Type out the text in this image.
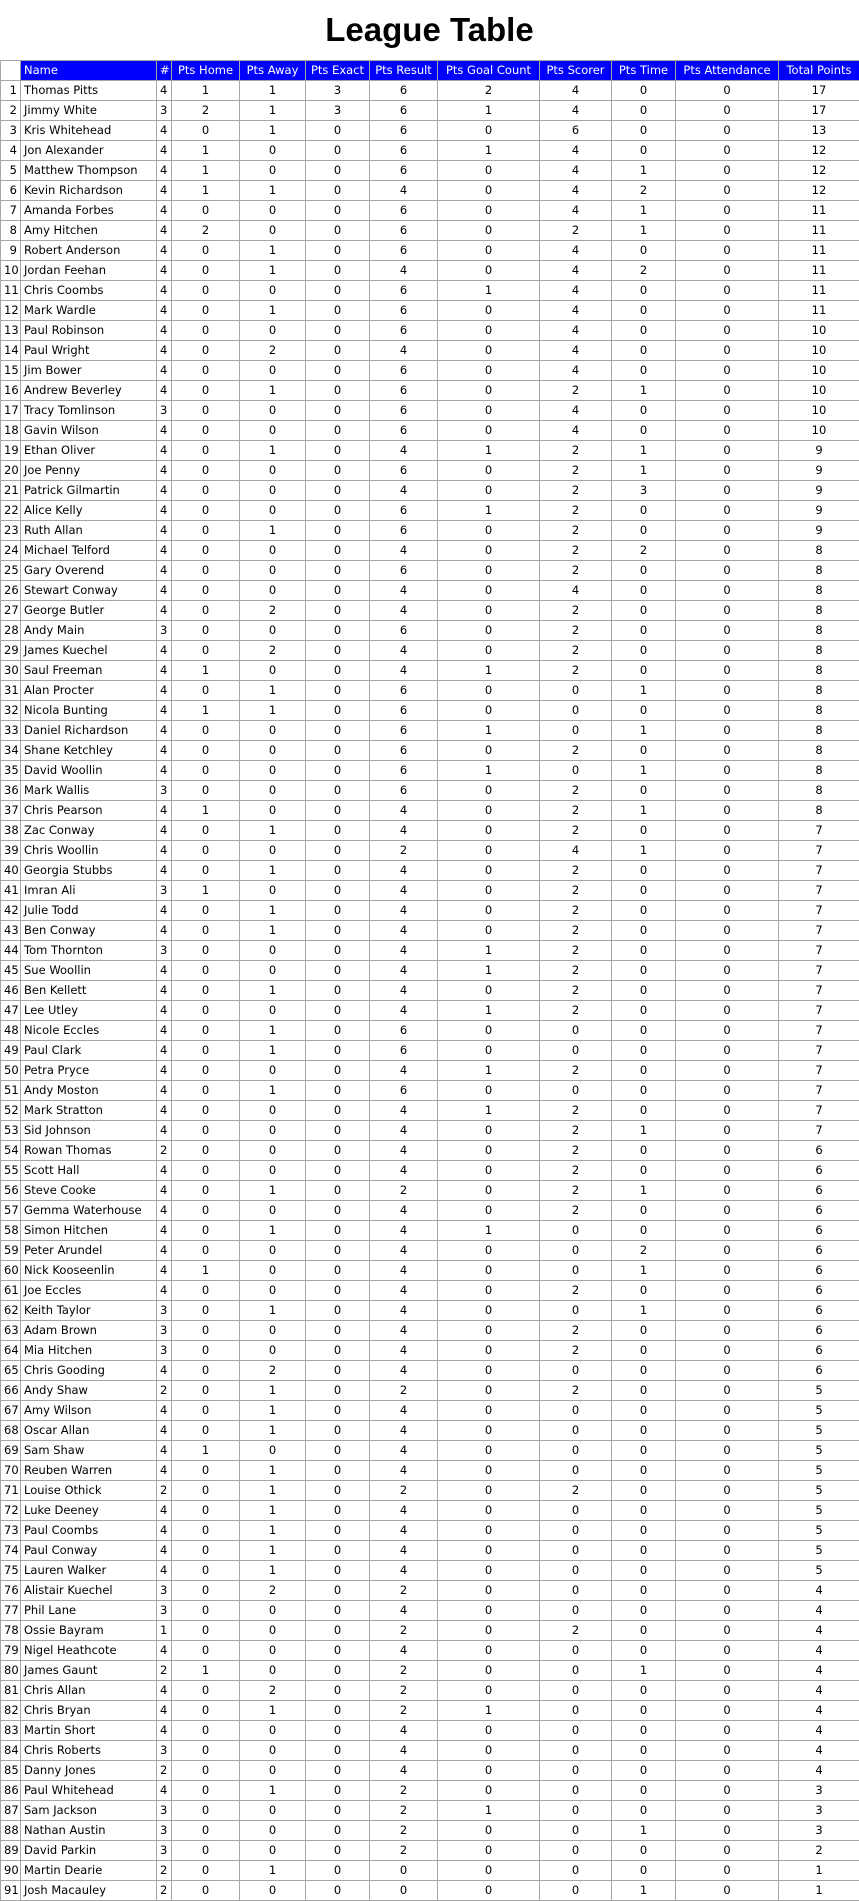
League Table
	Name	#	Pts Home	Pts Away	Pts Exact	Pts Result	Pts Goal Count	Pts Scorer	Pts Time	Pts Attendance	Total Points
1	Thomas Pitts	4	1	1	3	6	2	4	0	0	17
2	Jimmy White	3	2	1	3	6	1	4	0	0	17
3	Kris Whitehead	4	0	1	0	6	0	6	0	0	13
4	Jon Alexander	4	1	0	0	6	1	4	0	0	12
5	Matthew Thompson	4	1	0	0	6	0	4	1	0	12
6	Kevin Richardson	4	1	1	0	4	0	4	2	0	12
7	Amanda Forbes	4	0	0	0	6	0	4	1	0	11
8	Amy Hitchen	4	2	0	0	6	0	2	1	0	11
9	Robert Anderson	4	0	1	0	6	0	4	0	0	11
10	Jordan Feehan	4	0	1	0	4	0	4	2	0	11
11	Chris Coombs	4	0	0	0	6	1	4	0	0	11
12	Mark Wardle	4	0	1	0	6	0	4	0	0	11
13	Paul Robinson	4	0	0	0	6	0	4	0	0	10
14	Paul Wright	4	0	2	0	4	0	4	0	0	10
15	Jim Bower	4	0	0	0	6	0	4	0	0	10
16	Andrew Beverley	4	0	1	0	6	0	2	1	0	10
17	Tracy Tomlinson	3	0	0	0	6	0	4	0	0	10
18	Gavin Wilson	4	0	0	0	6	0	4	0	0	10
19	Ethan Oliver	4	0	1	0	4	1	2	1	0	9
20	Joe Penny	4	0	0	0	6	0	2	1	0	9
21	Patrick Gilmartin	4	0	0	0	4	0	2	3	0	9
22	Alice Kelly	4	0	0	0	6	1	2	0	0	9
23	Ruth Allan	4	0	1	0	6	0	2	0	0	9
24	Michael Telford	4	0	0	0	4	0	2	2	0	8
25	Gary Overend	4	0	0	0	6	0	2	0	0	8
26	Stewart Conway	4	0	0	0	4	0	4	0	0	8
27	George Butler	4	0	2	0	4	0	2	0	0	8
28	Andy Main	3	0	0	0	6	0	2	0	0	8
29	James Kuechel	4	0	2	0	4	0	2	0	0	8
30	Saul Freeman	4	1	0	0	4	1	2	0	0	8
31	Alan Procter	4	0	1	0	6	0	0	1	0	8
32	Nicola Bunting	4	1	1	0	6	0	0	0	0	8
33	Daniel Richardson	4	0	0	0	6	1	0	1	0	8
34	Shane Ketchley	4	0	0	0	6	0	2	0	0	8
35	David Woollin	4	0	0	0	6	1	0	1	0	8
36	Mark Wallis	3	0	0	0	6	0	2	0	0	8
37	Chris Pearson	4	1	0	0	4	0	2	1	0	8
38	Zac Conway	4	0	1	0	4	0	2	0	0	7
39	Chris Woollin	4	0	0	0	2	0	4	1	0	7
40	Georgia Stubbs	4	0	1	0	4	0	2	0	0	7
41	Imran Ali	3	1	0	0	4	0	2	0	0	7
42	Julie Todd	4	0	1	0	4	0	2	0	0	7
43	Ben Conway	4	0	1	0	4	0	2	0	0	7
44	Tom Thornton	3	0	0	0	4	1	2	0	0	7
45	Sue Woollin	4	0	0	0	4	1	2	0	0	7
46	Ben Kellett	4	0	1	0	4	0	2	0	0	7
47	Lee Utley	4	0	0	0	4	1	2	0	0	7
48	Nicole Eccles	4	0	1	0	6	0	0	0	0	7
49	Paul Clark	4	0	1	0	6	0	0	0	0	7
50	Petra Pryce	4	0	0	0	4	1	2	0	0	7
51	Andy Moston	4	0	1	0	6	0	0	0	0	7
52	Mark Stratton	4	0	0	0	4	1	2	0	0	7
53	Sid Johnson	4	0	0	0	4	0	2	1	0	7
54	Rowan Thomas	2	0	0	0	4	0	2	0	0	6
55	Scott Hall	4	0	0	0	4	0	2	0	0	6
56	Steve Cooke	4	0	1	0	2	0	2	1	0	6
57	Gemma Waterhouse	4	0	0	0	4	0	2	0	0	6
58	Simon Hitchen	4	0	1	0	4	1	0	0	0	6
59	Peter Arundel	4	0	0	0	4	0	0	2	0	6
60	Nick Kooseenlin	4	1	0	0	4	0	0	1	0	6
61	Joe Eccles	4	0	0	0	4	0	2	0	0	6
62	Keith Taylor	3	0	1	0	4	0	0	1	0	6
63	Adam Brown	3	0	0	0	4	0	2	0	0	6
64	Mia Hitchen	3	0	0	0	4	0	2	0	0	6
65	Chris Gooding	4	0	2	0	4	0	0	0	0	6
66	Andy Shaw	2	0	1	0	2	0	2	0	0	5
67	Amy Wilson	4	0	1	0	4	0	0	0	0	5
68	Oscar Allan	4	0	1	0	4	0	0	0	0	5
69	Sam Shaw	4	1	0	0	4	0	0	0	0	5
70	Reuben Warren	4	0	1	0	4	0	0	0	0	5
71	Louise Othick	2	0	1	0	2	0	2	0	0	5
72	Luke Deeney	4	0	1	0	4	0	0	0	0	5
73	Paul Coombs	4	0	1	0	4	0	0	0	0	5
74	Paul Conway	4	0	1	0	4	0	0	0	0	5
75	Lauren Walker	4	0	1	0	4	0	0	0	0	5
76	Alistair Kuechel	3	0	2	0	2	0	0	0	0	4
77	Phil Lane	3	0	0	0	4	0	0	0	0	4
78	Ossie Bayram	1	0	0	0	2	0	2	0	0	4
79	Nigel Heathcote	4	0	0	0	4	0	0	0	0	4
80	James Gaunt	2	1	0	0	2	0	0	1	0	4
81	Chris Allan	4	0	2	0	2	0	0	0	0	4
82	Chris Bryan	4	0	1	0	2	1	0	0	0	4
83	Martin Short	4	0	0	0	4	0	0	0	0	4
84	Chris Roberts	3	0	0	0	4	0	0	0	0	4
85	Danny Jones	2	0	0	0	4	0	0	0	0	4
86	Paul Whitehead	4	0	1	0	2	0	0	0	0	3
87	Sam Jackson	3	0	0	0	2	1	0	0	0	3
88	Nathan Austin	3	0	0	0	2	0	0	1	0	3
89	David Parkin	3	0	0	0	2	0	0	0	0	2
90	Martin Dearie	2	0	1	0	0	0	0	0	0	1
91	Josh Macauley	2	0	0	0	0	0	0	1	0	1
